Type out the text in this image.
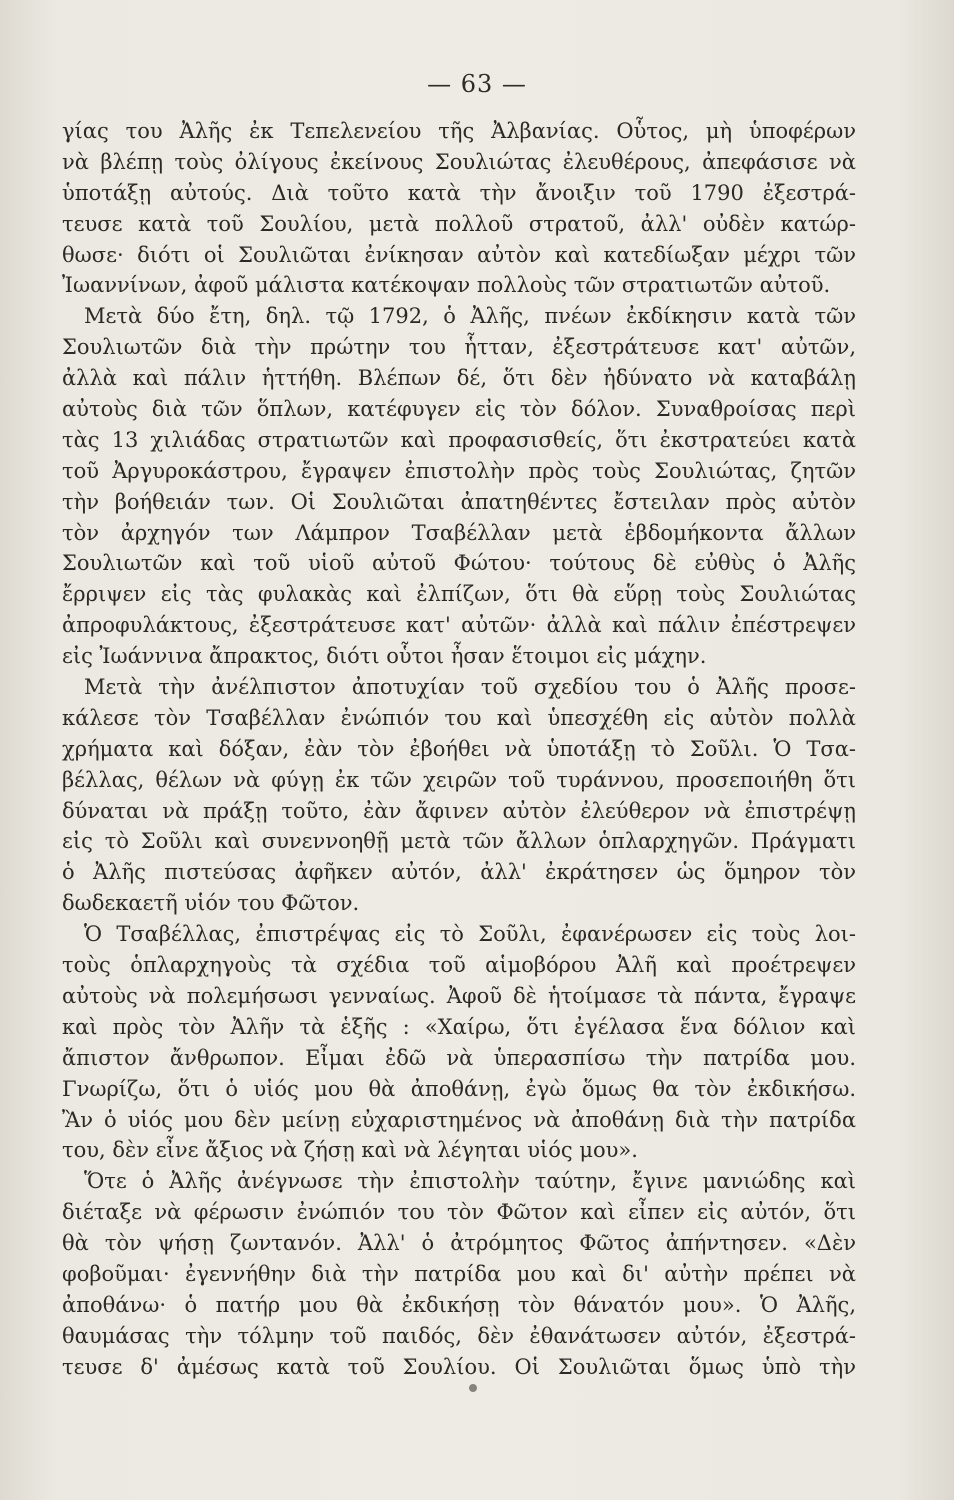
— 63 —
γίας του Ἀλῆς ἐκ Τεπελενείου τῆς Ἀλβανίας. Οὗτος, μὴ ὑποφέρων
νὰ βλέπῃ τοὺς ὀλίγους ἐκείνους Σουλιώτας ἐλευθέρους, ἀπεφάσισε νὰ
ὑποτάξῃ αὐτούς. Διὰ τοῦτο κατὰ τὴν ἄνοιξιν τοῦ 1790 ἐξεστρά-
τευσε κατὰ τοῦ Σουλίου, μετὰ πολλοῦ στρατοῦ, ἀλλ' οὐδὲν κατώρ-
θωσε· διότι οἱ Σουλιῶται ἐνίκησαν αὐτὸν καὶ κατεδίωξαν μέχρι τῶν
Ἰωαννίνων, ἀφοῦ μάλιστα κατέκοψαν πολλοὺς τῶν στρατιωτῶν αὐτοῦ.
Μετὰ δύο ἔτη, δηλ. τῷ 1792, ὁ Ἀλῆς, πνέων ἐκδίκησιν κατὰ τῶν
Σουλιωτῶν διὰ τὴν πρώτην του ἧτταν, ἐξεστράτευσε κατ' αὐτῶν,
ἀλλὰ καὶ πάλιν ἡττήθη. Βλέπων δέ, ὅτι δὲν ἠδύνατο νὰ καταβάλῃ
αὐτοὺς διὰ τῶν ὅπλων, κατέφυγεν εἰς τὸν δόλον. Συναθροίσας περὶ
τὰς 13 χιλιάδας στρατιωτῶν καὶ προφασισθείς, ὅτι ἐκστρατεύει κατὰ
τοῦ Ἀργυροκάστρου, ἔγραψεν ἐπιστολὴν πρὸς τοὺς Σουλιώτας, ζητῶν
τὴν βοήθειάν των. Οἱ Σουλιῶται ἀπατηθέντες ἔστειλαν πρὸς αὐτὸν
τὸν ἀρχηγόν των Λάμπρον Τσαβέλλαν μετὰ ἑβδομήκοντα ἄλλων
Σουλιωτῶν καὶ τοῦ υἱοῦ αὐτοῦ Φώτου· τούτους δὲ εὐθὺς ὁ Ἀλῆς
ἔρριψεν εἰς τὰς φυλακὰς καὶ ἐλπίζων, ὅτι θὰ εὕρῃ τοὺς Σουλιώτας
ἀπροφυλάκτους, ἐξεστράτευσε κατ' αὐτῶν· ἀλλὰ καὶ πάλιν ἐπέστρεψεν
εἰς Ἰωάννινα ἄπρακτος, διότι οὗτοι ἦσαν ἕτοιμοι εἰς μάχην.
Μετὰ τὴν ἀνέλπιστον ἀποτυχίαν τοῦ σχεδίου του ὁ Ἀλῆς προσε-
κάλεσε τὸν Τσαβέλλαν ἐνώπιόν του καὶ ὑπεσχέθη εἰς αὐτὸν πολλὰ
χρήματα καὶ δόξαν, ἐὰν τὸν ἐβοήθει νὰ ὑποτάξῃ τὸ Σοῦλι. Ὁ Τσα-
βέλλας, θέλων νὰ φύγῃ ἐκ τῶν χειρῶν τοῦ τυράννου, προσεποιήθη ὅτι
δύναται νὰ πράξῃ τοῦτο, ἐὰν ἄφινεν αὐτὸν ἐλεύθερον νὰ ἐπιστρέψῃ
εἰς τὸ Σοῦλι καὶ συνεννοηθῇ μετὰ τῶν ἄλλων ὁπλαρχηγῶν. Πράγματι
ὁ Ἀλῆς πιστεύσας ἀφῆκεν αὐτόν, ἀλλ' ἐκράτησεν ὡς ὅμηρον τὸν
δωδεκαετῆ υἱόν του Φῶτον.
Ὁ Τσαβέλλας, ἐπιστρέψας εἰς τὸ Σοῦλι, ἐφανέρωσεν εἰς τοὺς λοι-
τοὺς ὁπλαρχηγοὺς τὰ σχέδια τοῦ αἱμοβόρου Ἀλῆ καὶ προέτρεψεν
αὐτοὺς νὰ πολεμήσωσι γενναίως. Ἀφοῦ δὲ ἡτοίμασε τὰ πάντα, ἔγραψε
καὶ πρὸς τὸν Ἀλῆν τὰ ἑξῆς : «Χαίρω, ὅτι ἐγέλασα ἕνα δόλιον καὶ
ἄπιστον ἄνθρωπον. Εἶμαι ἐδῶ νὰ ὑπερασπίσω τὴν πατρίδα μου.
Γνωρίζω, ὅτι ὁ υἱός μου θὰ ἀποθάνῃ, ἐγὼ ὅμως θα τὸν ἐκδικήσω.
Ἂν ὁ υἱός μου δὲν μείνῃ εὐχαριστημένος νὰ ἀποθάνῃ διὰ τὴν πατρίδα
του, δὲν εἶνε ἄξιος νὰ ζήσῃ καὶ νὰ λέγηται υἱός μου».
Ὅτε ὁ Ἀλῆς ἀνέγνωσε τὴν ἐπιστολὴν ταύτην, ἔγινε μανιώδης καὶ
διέταξε νὰ φέρωσιν ἐνώπιόν του τὸν Φῶτον καὶ εἶπεν εἰς αὐτόν, ὅτι
θὰ τὸν ψήσῃ ζωντανόν. Ἀλλ' ὁ ἀτρόμητος Φῶτος ἀπήντησεν. «Δὲν
φοβοῦμαι· ἐγεννήθην διὰ τὴν πατρίδα μου καὶ δι' αὐτὴν πρέπει νὰ
ἀποθάνω· ὁ πατήρ μου θὰ ἐκδικήσῃ τὸν θάνατόν μου». Ὁ Ἀλῆς,
θαυμάσας τὴν τόλμην τοῦ παιδός, δὲν ἐθανάτωσεν αὐτόν, ἐξεστρά-
τευσε δ' ἀμέσως κατὰ τοῦ Σουλίου. Οἱ Σουλιῶται ὅμως ὑπὸ τὴν
